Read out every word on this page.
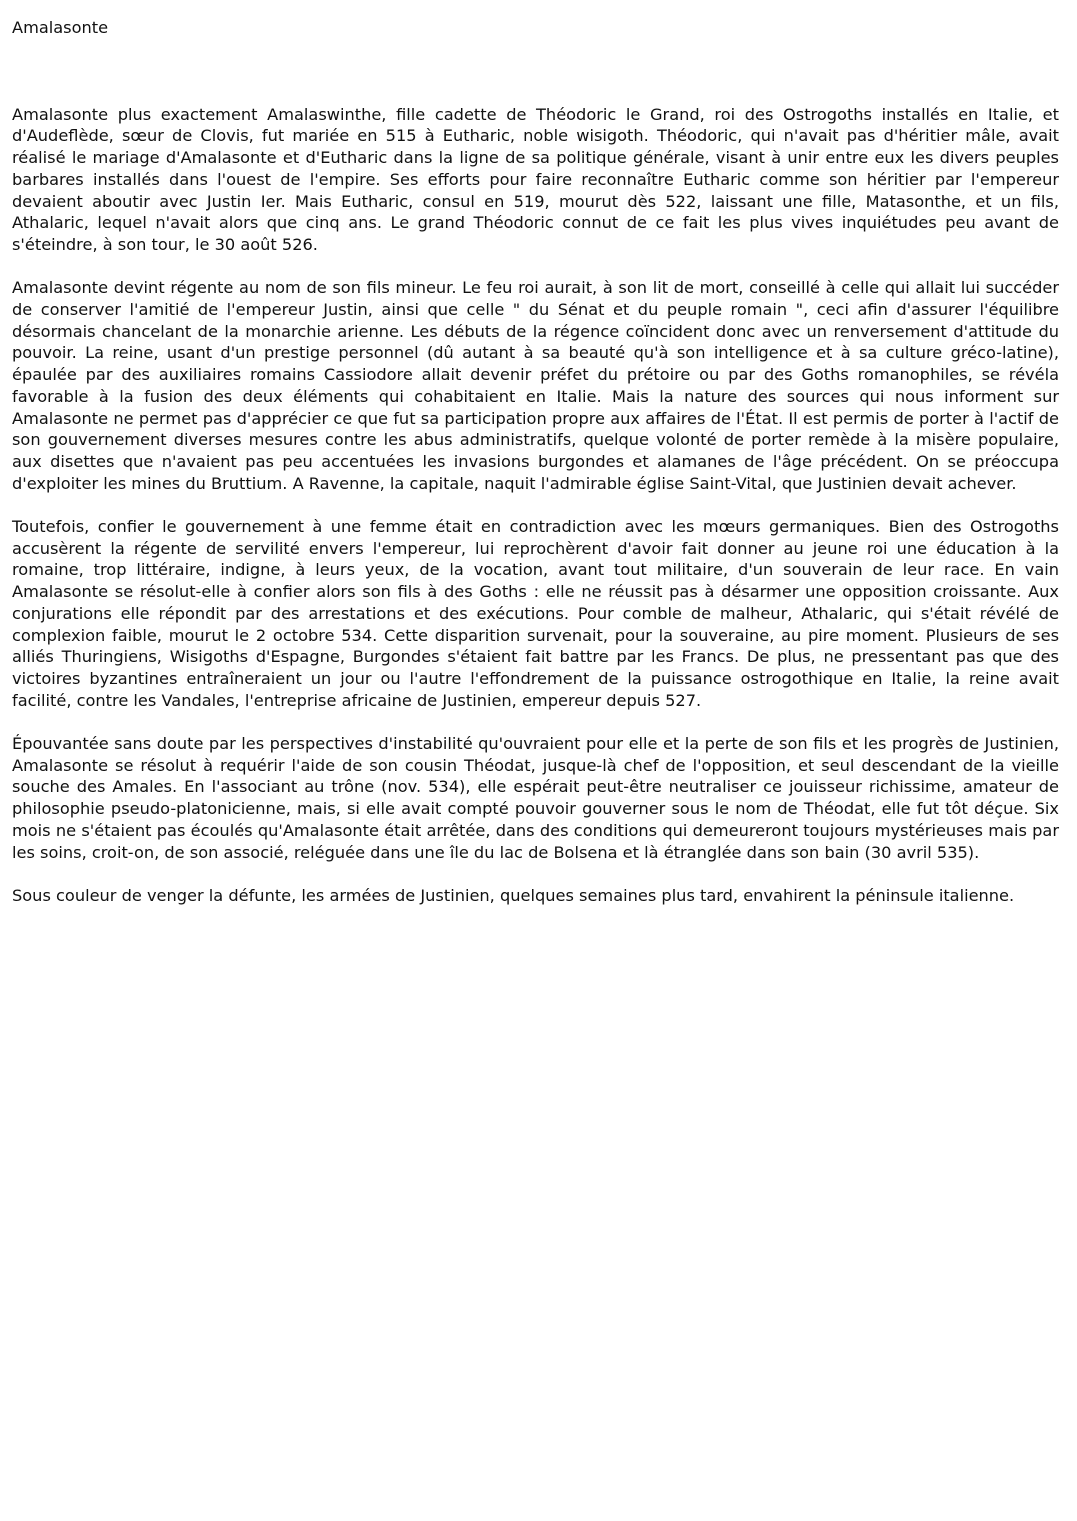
Amalasonte

Amalasonte plus exactement Amalaswinthe, fille cadette de Théodoric le Grand, roi des Ostrogoths installés en Italie, et d'Audeflède, sœur de Clovis, fut mariée en 515 à Eutharic, noble wisigoth. Théodoric, qui n'avait pas d'héritier mâle, avait réalisé le mariage d'Amalasonte et d'Eutharic dans la ligne de sa politique générale, visant à unir entre eux les divers peuples barbares installés dans l'ouest de l'empire. Ses efforts pour faire reconnaître Eutharic comme son héritier par l'empereur devaient aboutir avec Justin Ier. Mais Eutharic, consul en 519, mourut dès 522, laissant une fille, Matasonthe, et un fils, Athalaric, lequel n'avait alors que cinq ans. Le grand Théodoric connut de ce fait les plus vives inquiétudes peu avant de s'éteindre, à son tour, le 30 août 526.

Amalasonte devint régente au nom de son fils mineur. Le feu roi aurait, à son lit de mort, conseillé à celle qui allait lui succéder de conserver l'amitié de l'empereur Justin, ainsi que celle " du Sénat et du peuple romain ", ceci afin d'assurer l'équilibre désormais chancelant de la monarchie arienne. Les débuts de la régence coïncident donc avec un renversement d'attitude du pouvoir. La reine, usant d'un prestige personnel (dû autant à sa beauté qu'à son intelligence et à sa culture gréco-latine), épaulée par des auxiliaires romains Cassiodore allait devenir préfet du prétoire ou par des Goths romanophiles, se révéla favorable à la fusion des deux éléments qui cohabitaient en Italie. Mais la nature des sources qui nous informent sur Amalasonte ne permet pas d'apprécier ce que fut sa participation propre aux affaires de l'État. Il est permis de porter à l'actif de son gouvernement diverses mesures contre les abus administratifs, quelque volonté de porter remède à la misère populaire, aux disettes que n'avaient pas peu accentuées les invasions burgondes et alamanes de l'âge précédent. On se préoccupa d'exploiter les mines du Bruttium. A Ravenne, la capitale, naquit l'admirable église Saint-Vital, que Justinien devait achever.

Toutefois, confier le gouvernement à une femme était en contradiction avec les mœurs germaniques. Bien des Ostrogoths accusèrent la régente de servilité envers l'empereur, lui reprochèrent d'avoir fait donner au jeune roi une éducation à la romaine, trop littéraire, indigne, à leurs yeux, de la vocation, avant tout militaire, d'un souverain de leur race. En vain Amalasonte se résolut-elle à confier alors son fils à des Goths : elle ne réussit pas à désarmer une opposition croissante. Aux conjurations elle répondit par des arrestations et des exécutions. Pour comble de malheur, Athalaric, qui s'était révélé de complexion faible, mourut le 2 octobre 534. Cette disparition survenait, pour la souveraine, au pire moment. Plusieurs de ses alliés Thuringiens, Wisigoths d'Espagne, Burgondes s'étaient fait battre par les Francs. De plus, ne pressentant pas que des victoires byzantines entraîneraient un jour ou l'autre l'effondrement de la puissance ostrogothique en Italie, la reine avait facilité, contre les Vandales, l'entreprise africaine de Justinien, empereur depuis 527.

Épouvantée sans doute par les perspectives d'instabilité qu'ouvraient pour elle et la perte de son fils et les progrès de Justinien, Amalasonte se résolut à requérir l'aide de son cousin Théodat, jusque-là chef de l'opposition, et seul descendant de la vieille souche des Amales. En l'associant au trône (nov. 534), elle espérait peut-être neutraliser ce jouisseur richissime, amateur de philosophie pseudo-platonicienne, mais, si elle avait compté pouvoir gouverner sous le nom de Théodat, elle fut tôt déçue. Six mois ne s'étaient pas écoulés qu'Amalasonte était arrêtée, dans des conditions qui demeureront toujours mystérieuses mais par les soins, croit-on, de son associé, reléguée dans une île du lac de Bolsena et là étranglée dans son bain (30 avril 535).

Sous couleur de venger la défunte, les armées de Justinien, quelques semaines plus tard, envahirent la péninsule italienne.
